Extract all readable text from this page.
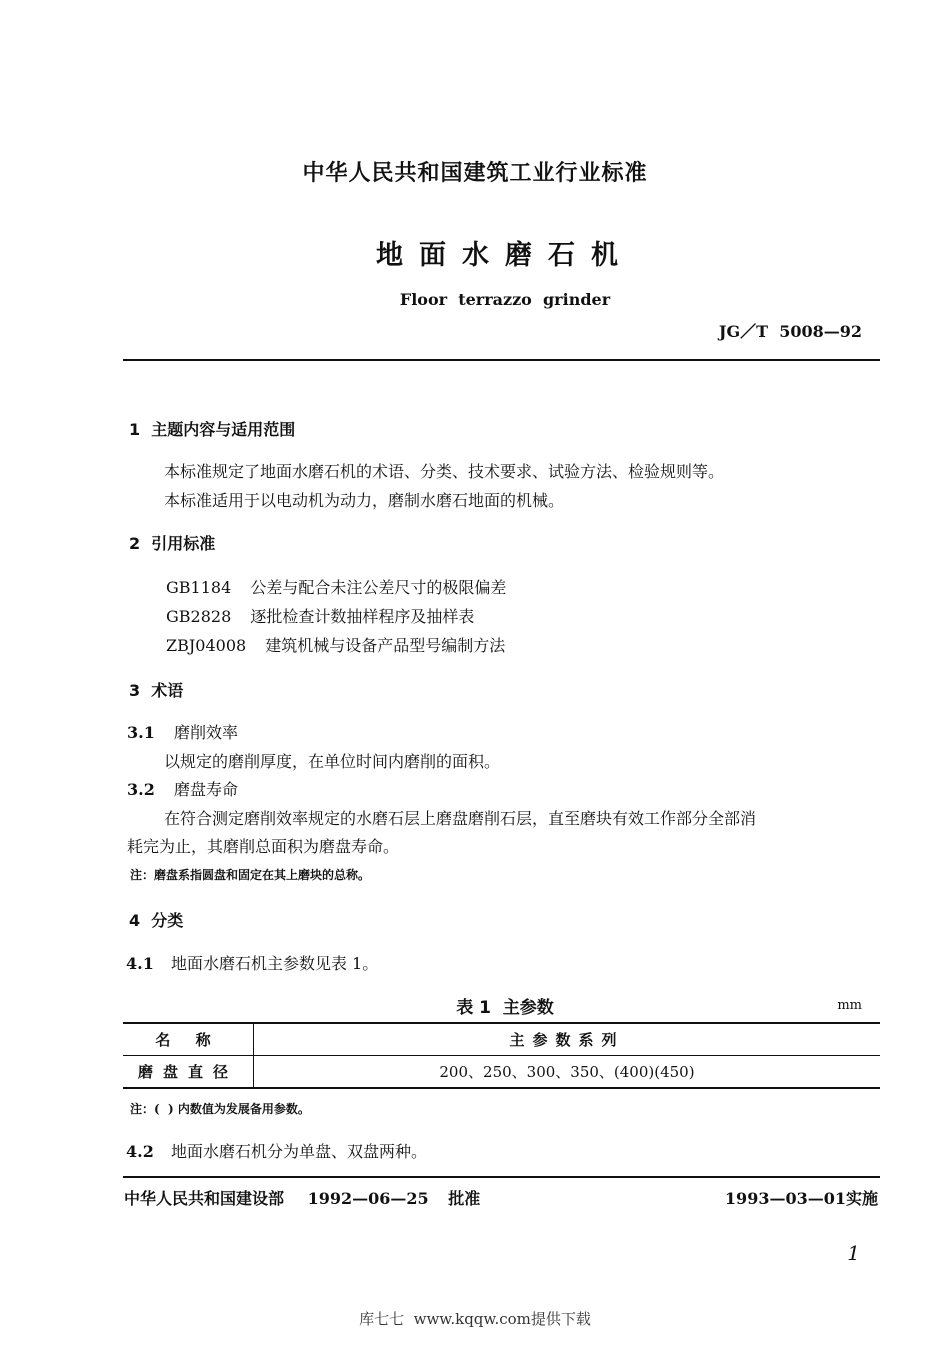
中华人民共和国建筑工业行业标准
地面水磨石机
Floor  terrazzo  grinder
JG／T  5008—92
1  主题内容与适用范围
本标准规定了地面水磨石机的术语、分类、技术要求、试验方法、检验规则等。
本标准适用于以电动机为动力，磨制水磨石地面的机械。
2  引用标准
GB1184 公差与配合未注公差尺寸的极限偏差
GB2828 逐批检查计数抽样程序及抽样表
ZBJ04008 建筑机械与设备产品型号编制方法
3  术语
3.1 磨削效率
以规定的磨削厚度，在单位时间内磨削的面积。
3.2 磨盘寿命
在符合测定磨削效率规定的水磨石层上磨盘磨削石层，直至磨块有效工作部分全部消
耗完为止，其磨削总面积为磨盘寿命。
注：磨盘系指圆盘和固定在其上磨块的总称。
4  分类
4.1 地面水磨石机主参数见表 1。
表 1  主参数	mm
名 称	主参数系列
磨盘直径	200、250、300、350、(400)(450)
注：(  ) 内数值为发展备用参数。
4.2 地面水磨石机分为单盘、双盘两种。
中华人民共和国建设部 1992—06—25 批准	1993—03—01实施
1
库七七  www.kqqw.com提供下载
